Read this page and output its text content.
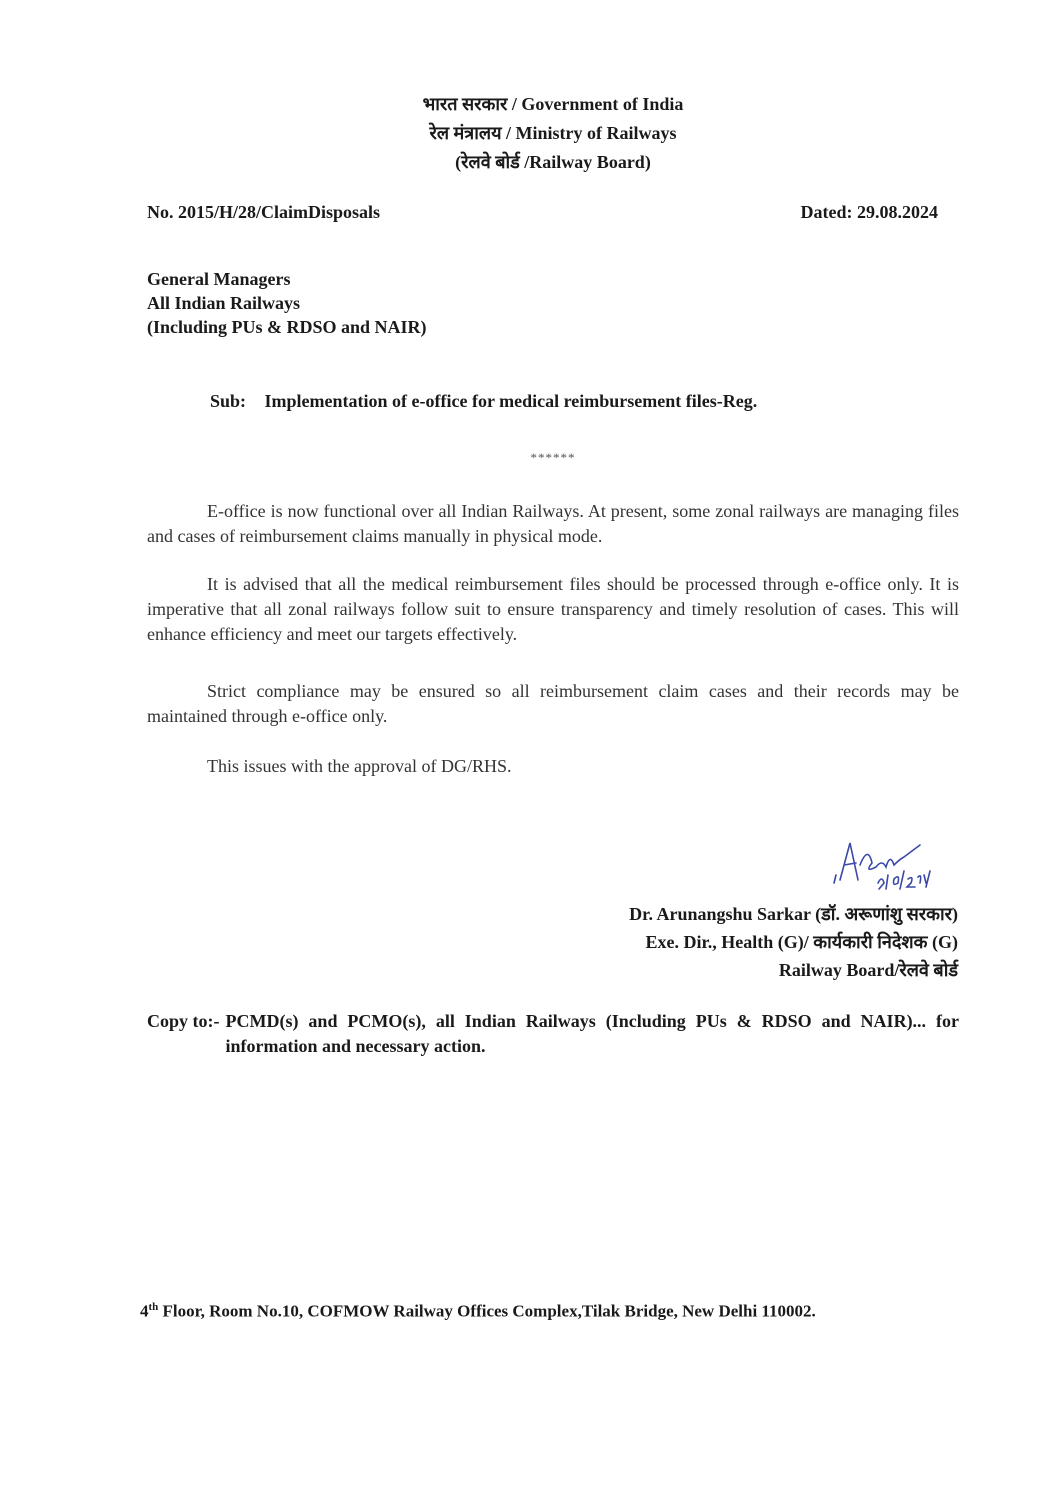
भारत सरकार / Government of India
रेल मंत्रालय / Ministry of Railways
(रेलवे बोर्ड /Railway Board)
No. 2015/H/28/ClaimDisposals	Dated: 29.08.2024
General Managers
All Indian Railways
(Including PUs & RDSO and NAIR)
Sub: Implementation of e-office for medical reimbursement files-Reg.
******
E-office is now functional over all Indian Railways. At present, some zonal railways are managing files and cases of reimbursement claims manually in physical mode.
It is advised that all the medical reimbursement files should be processed through e-office only. It is imperative that all zonal railways follow suit to ensure transparency and timely resolution of cases. This will enhance efficiency and meet our targets effectively.
Strict compliance may be ensured so all reimbursement claim cases and their records may be maintained through e-office only.
This issues with the approval of DG/RHS.
Dr. Arunangshu Sarkar (डॉ. अरूणांशु सरकार)
Exe. Dir., Health (G)/ कार्यकारी निदेशक (G)
Railway Board/रेलवे बोर्ड
Copy to:- PCMD(s) and PCMO(s), all Indian Railways (Including PUs & RDSO and NAIR)... for information and necessary action.
4th Floor, Room No.10, COFMOW Railway Offices Complex,Tilak Bridge, New Delhi 110002.
